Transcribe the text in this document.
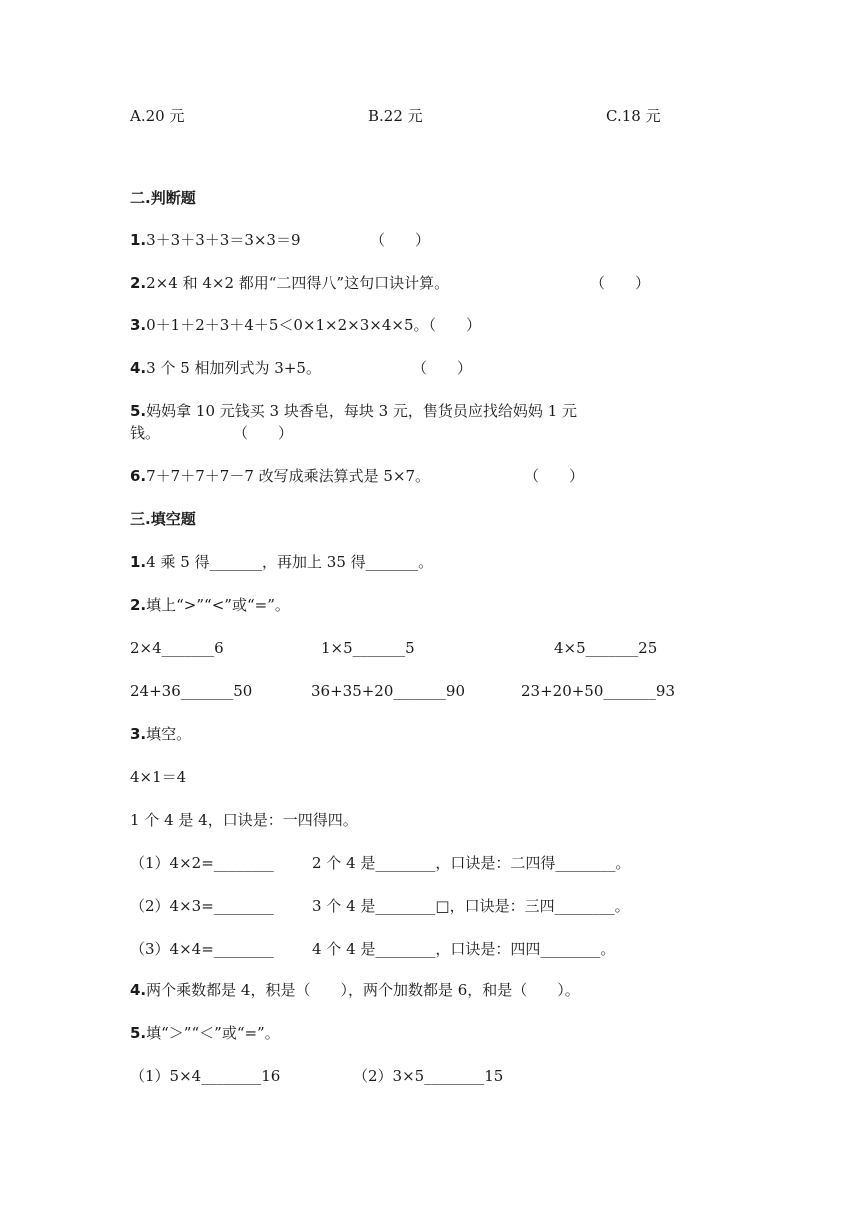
A.20 元	B.22 元	C.18 元
二.判断题
1.3＋3＋3＋3＝3×3＝9	（　　）
2.2×4 和 4×2 都用“二四得八”这句口诀计算。	（　　）
3.0＋1＋2＋3＋4＋5＜0×1×2×3×4×5。（　　）
4.3 个 5 相加列式为 3+5。	（　　）
5.妈妈拿 10 元钱买 3 块香皂，每块 3 元，售货员应找给妈妈 1 元
钱。	（　　）
6.7＋7＋7＋7－7 改写成乘法算式是 5×7。	（　　）
三.填空题
1.4 乘 5 得_______，再加上 35 得_______。
2.填上“>”“<”或“=”。
2×4_______6	1×5_______5	4×5_______25
24+36_______50	36+35+20_______90	23+20+50_______93
3.填空。
4×1＝4
1 个 4 是 4，口诀是：一四得四。
（1）4×2=________	2 个 4 是________，口诀是：二四得________。
（2）4×3=________	3 个 4 是________□，口诀是：三四________。
（3）4×4=________	4 个 4 是________，口诀是：四四________。
4.两个乘数都是 4，积是（　　），两个加数都是 6，和是（　　）。
5.填“＞”“＜”或“=”。
（1）5×4________16	（2）3×5________15
